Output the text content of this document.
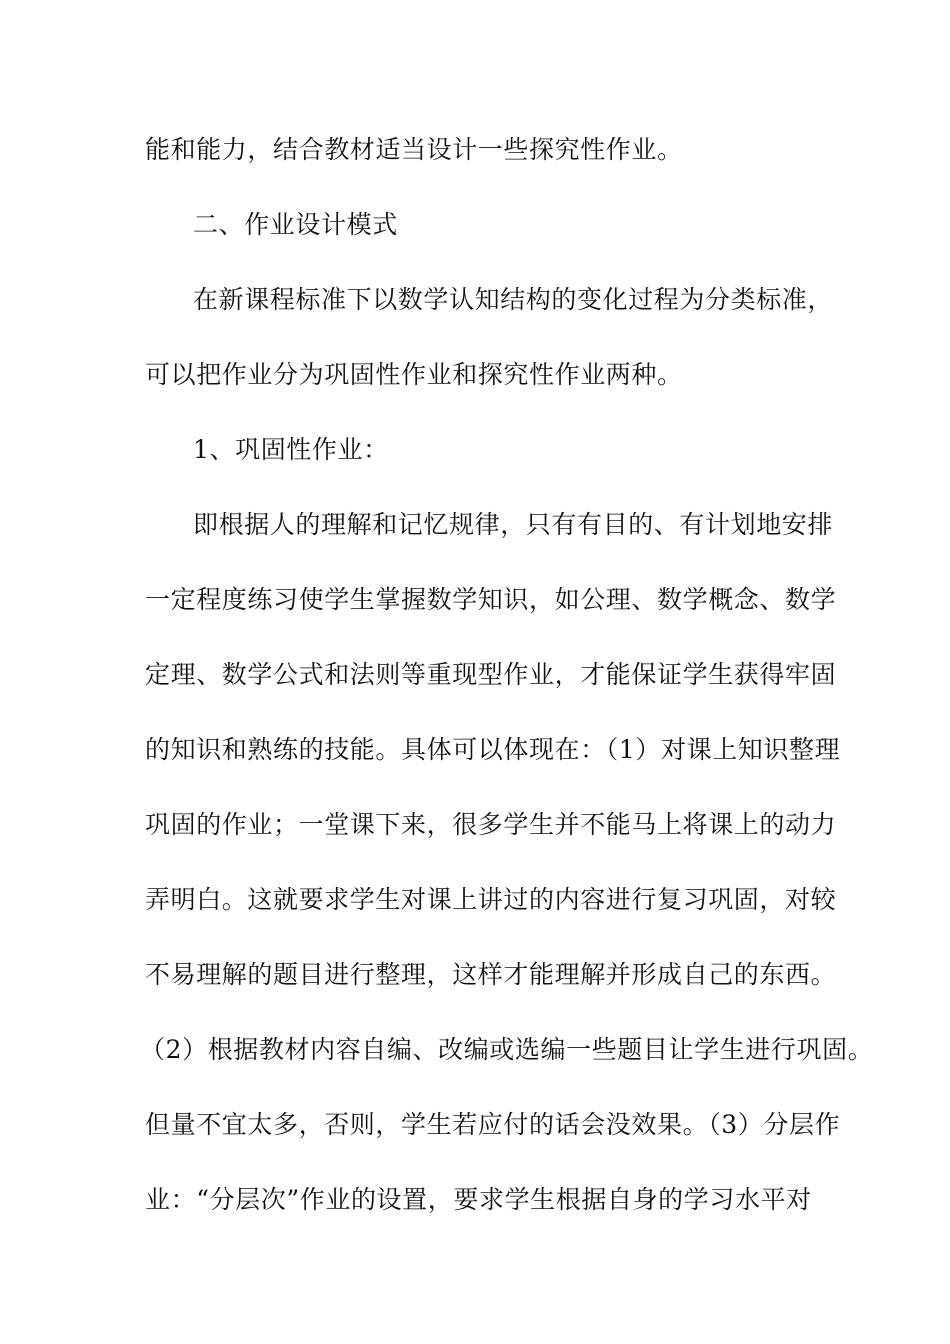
能和能力，结合教材适当设计一些探究性作业。
二、作业设计模式
在新课程标准下以数学认知结构的变化过程为分类标准，
可以把作业分为巩固性作业和探究性作业两种。
1、巩固性作业：
即根据人的理解和记忆规律，只有有目的、有计划地安排
一定程度练习使学生掌握数学知识，如公理、数学概念、数学
定理、数学公式和法则等重现型作业，才能保证学生获得牢固
的知识和熟练的技能。具体可以体现在：（1）对课上知识整理
巩固的作业；一堂课下来，很多学生并不能马上将课上的动力
弄明白。这就要求学生对课上讲过的内容进行复习巩固，对较
不易理解的题目进行整理，这样才能理解并形成自己的东西。
（2）根据教材内容自编、改编或选编一些题目让学生进行巩固。
但量不宜太多，否则，学生若应付的话会没效果。（3）分层作
业：“分层次”作业的设置，要求学生根据自身的学习水平对
